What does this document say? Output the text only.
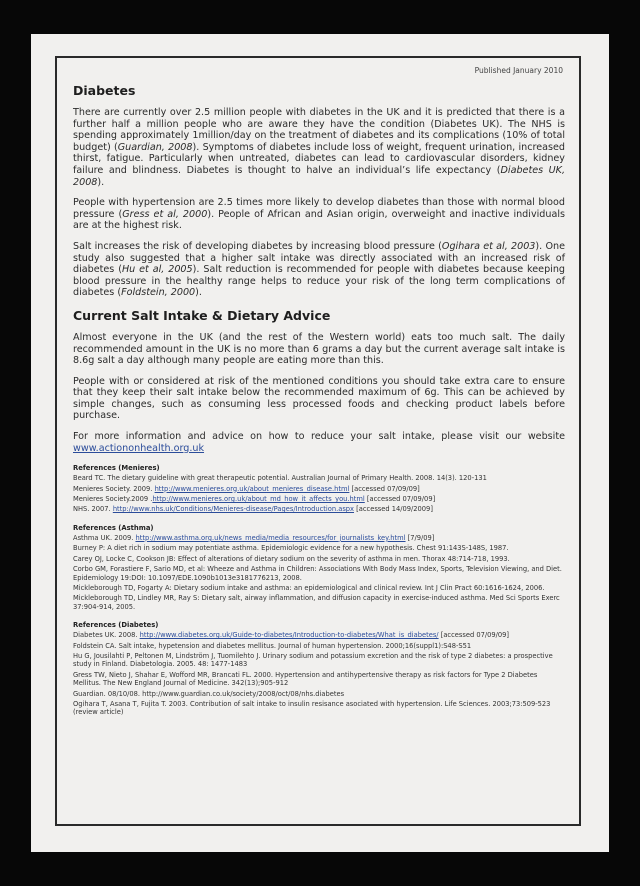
Published January 2010
Diabetes

There are currently over 2.5 million people with diabetes in the UK and it is predicted that there is a further half a million people who are aware they have the condition (Diabetes UK). The NHS is spending approximately 1million/day on the treatment of diabetes and its complications (10% of total budget) (Guardian, 2008). Symptoms of diabetes include loss of weight, frequent urination, increased thirst, fatigue. Particularly when untreated, diabetes can lead to cardiovascular disorders, kidney failure and blindness. Diabetes is thought to halve an individual’s life expectancy (Diabetes UK, 2008).

People with hypertension are 2.5 times more likely to develop diabetes than those with normal blood pressure (Gress et al, 2000). People of African and Asian origin, overweight and inactive individuals are at the highest risk.

Salt increases the risk of developing diabetes by increasing blood pressure (Ogihara et al, 2003). One study also suggested that a higher salt intake was directly associated with an increased risk of diabetes (Hu et al, 2005). Salt reduction is recommended for people with diabetes because keeping blood pressure in the healthy range helps to reduce your risk of the long term complications of diabetes (Foldstein, 2000).

Current Salt Intake & Dietary Advice

Almost everyone in the UK (and the rest of the Western world) eats too much salt. The daily recommended amount in the UK is no more than 6 grams a day but the current average salt intake is 8.6g salt a day although many people are eating more than this.

People with or considered at risk of the mentioned conditions you should take extra care to ensure that they keep their salt intake below the recommended maximum of 6g. This can be achieved by simple changes, such as consuming less processed foods and checking product labels before purchase.

For more information and advice on how to reduce your salt intake, please visit our website www.actiononhealth.org.uk

References (Menieres)
Beard TC. The dietary guideline with great therapeutic potential. Australian Journal of Primary Health. 2008. 14(3). 120-131
Menieres Society. 2009. http://www.menieres.org.uk/about_menieres_disease.html [accessed 07/09/09]
Menieres Society.2009 .http://www.menieres.org.uk/about_md_how_it_affects_you.html [accessed 07/09/09]
NHS. 2007. http://www.nhs.uk/Conditions/Menieres-disease/Pages/Introduction.aspx [accessed 14/09/2009]
References (Asthma)
Asthma UK. 2009. http://www.asthma.org.uk/news_media/media_resources/for_journalists_key.html [7/9/09]
Burney P: A diet rich in sodium may potentiate asthma. Epidemiologic evidence for a new hypothesis. Chest 91:143S-148S, 1987.
Carey OJ, Locke C, Cookson JB: Effect of alterations of dietary sodium on the severity of asthma in men. Thorax 48:714-718, 1993.
Corbo GM, Forastiere F, Sario MD, et al: Wheeze and Asthma in Children: Associations With Body Mass Index, Sports, Television Viewing, and Diet. Epidemiology 19:DOI: 10.1097/EDE.1090b1013e3181776213, 2008.
Mickleborough TD, Fogarty A: Dietary sodium intake and asthma: an epidemiological and clinical review. Int J Clin Pract 60:1616-1624, 2006.
Mickleborough TD, Lindley MR, Ray S: Dietary salt, airway inflammation, and diffusion capacity in exercise-induced asthma. Med Sci Sports Exerc 37:904-914, 2005.
References (Diabetes)
Diabetes UK. 2008. http://www.diabetes.org.uk/Guide-to-diabetes/Introduction-to-diabetes/What_is_diabetes/ [accessed 07/09/09]
Foldstein CA. Salt intake, hypetension and diabetes mellitus. Journal of human hypertension. 2000;16(suppl1):S48-S51
Hu G, Jousilahti P, Peltonen M, Lindström J, Tuomilehto J. Urinary sodium and potassium excretion and the risk of type 2 diabetes: a prospective study in Finland. Diabetologia. 2005. 48: 1477-1483
Gress TW, Nieto J, Shahar E, Wofford MR, Brancati FL. 2000. Hypertension and antihypertensive therapy as risk factors for Type 2 Diabetes Mellitus. The New England Journal of Medicine. 342(13);905-912
Guardian. 08/10/08. http://www.guardian.co.uk/society/2008/oct/08/nhs.diabetes
Ogihara T, Asana T, Fujita T. 2003. Contribution of salt intake to insulin resisance asociated with hypertension. Life Sciences. 2003;73:509-523 (review article)
